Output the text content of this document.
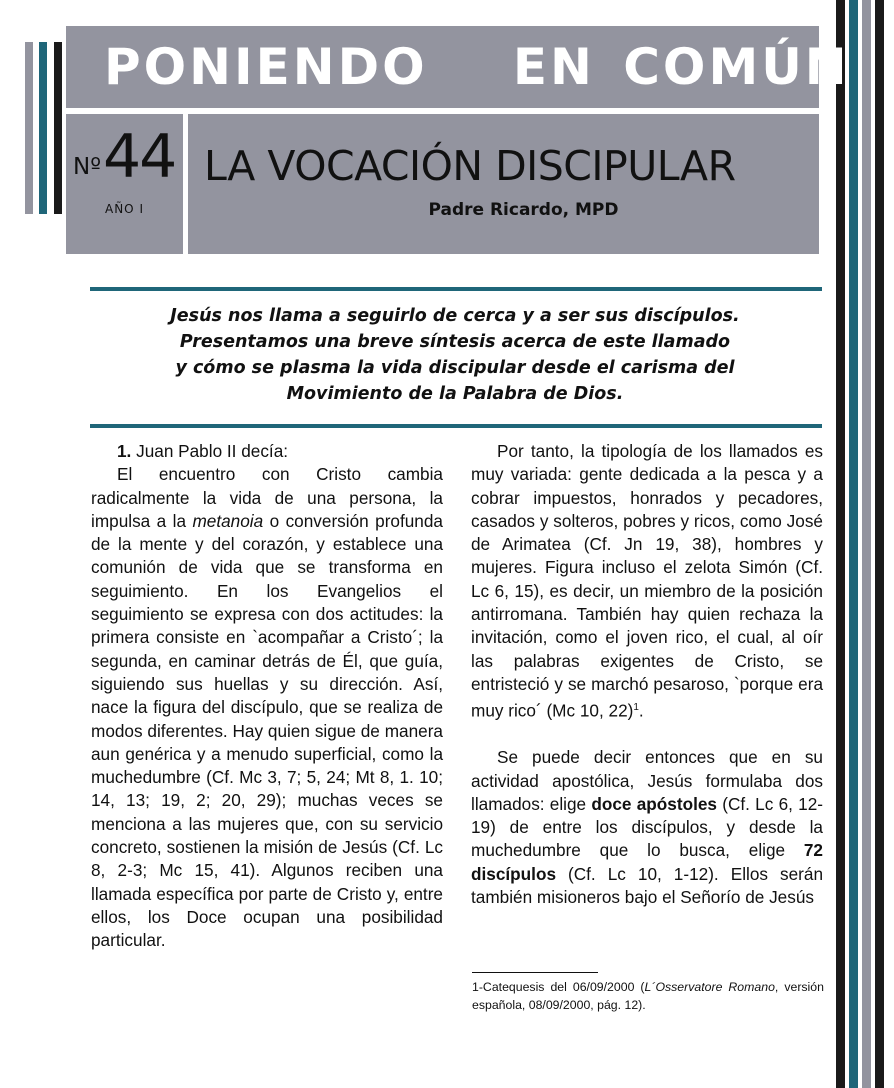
PONIENDO   EN COMÚN
Nº 44
AÑO I
LA VOCACIÓN DISCIPULAR
Padre Ricardo, MPD

Jesús nos llama a seguirlo de cerca y a ser sus discípulos.

Presentamos una breve síntesis acerca de este llamado

y cómo se plasma la vida discipular desde el carisma del

Movimiento de la Palabra de Dios.

1. Juan Pablo II decía:

El encuentro con Cristo cambia radicalmente la vida de una persona, la impulsa a la metanoia o conversión profunda de la mente y del corazón, y establece una comunión de vida que se transforma en seguimiento. En los Evangelios el seguimiento se expresa con dos actitudes: la primera consiste en `acompañar a Cristo´; la segunda, en caminar detrás de Él, que guía, siguiendo sus huellas y su dirección. Así, nace la figura del discípulo, que se realiza de modos diferentes. Hay quien sigue de manera aun genérica y a menudo superficial, como la muchedumbre (Cf. Mc 3, 7; 5, 24; Mt 8, 1. 10; 14, 13; 19, 2; 20, 29); muchas veces se menciona a las mujeres que, con su servicio concreto, sostienen la misión de Jesús (Cf. Lc 8, 2-3; Mc 15, 41). Algunos reciben una llamada específica por parte de Cristo y, entre ellos, los Doce ocupan una posibilidad particular.

Por tanto, la tipología de los llamados es muy variada: gente dedicada a la pesca y a cobrar impuestos, honrados y pecadores, casados y solteros, pobres y ricos, como José de Arimatea (Cf. Jn 19, 38), hombres y mujeres. Figura incluso el zelota Simón (Cf. Lc 6, 15), es decir, un miembro de la posición antirromana. También hay quien rechaza la invitación, como el joven rico, el cual, al oír las palabras exigentes de Cristo, se entristeció y se marchó pesaroso, `porque era muy rico´ (Mc 10, 22)$^1$.

Se puede decir entonces que en su actividad apostólica, Jesús formulaba dos llamados: elige doce apóstoles (Cf. Lc 6, 12-19) de entre los discípulos, y desde la muchedumbre que lo busca, elige 72 discípulos (Cf. Lc 10, 1-12). Ellos serán también misioneros bajo el Señorío de Jesús

1-Catequesis del 06/09/2000 (L´Osservatore Romano, versión española, 08/09/2000, pág. 12).
